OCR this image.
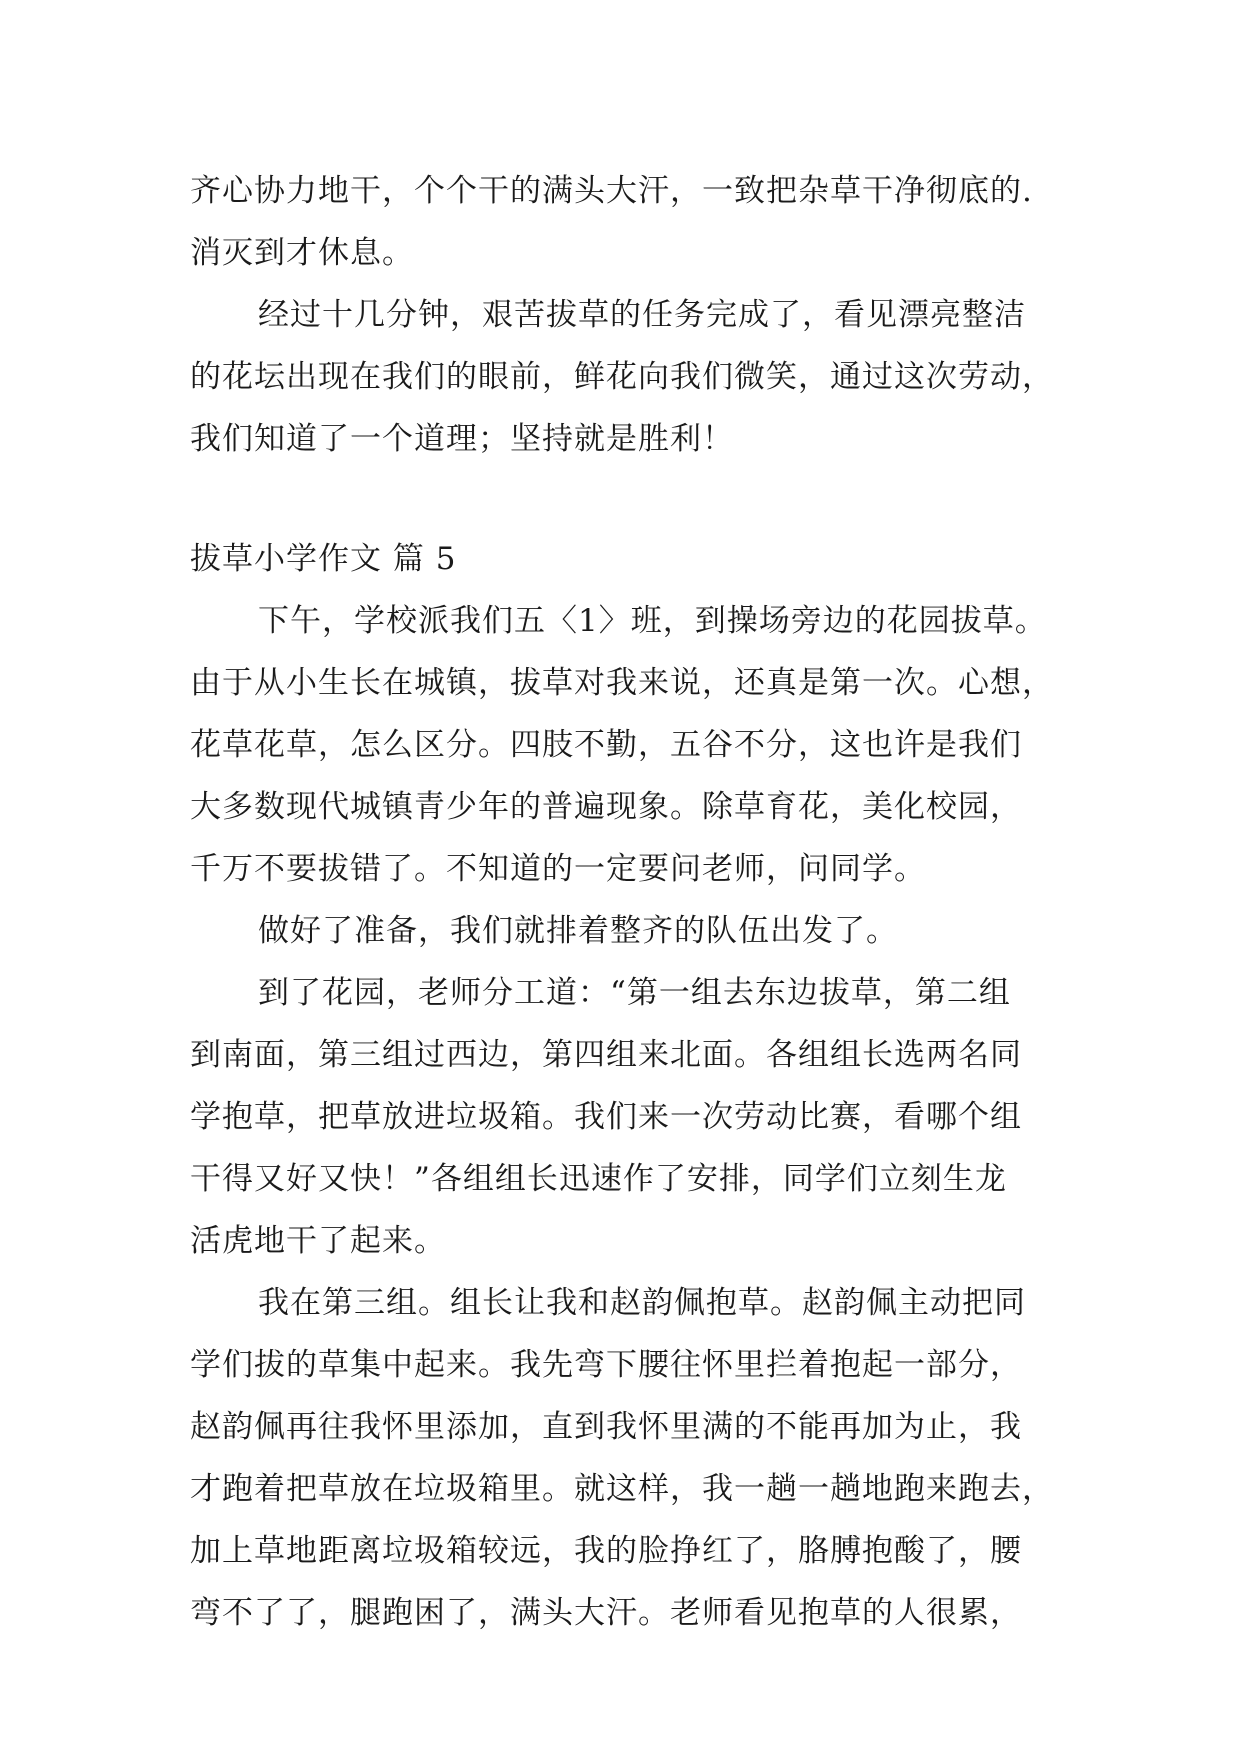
齐心协力地干，个个干的满头大汗，一致把杂草干净彻底的.
消灭到才休息。
经过十几分钟，艰苦拔草的任务完成了，看见漂亮整洁
的花坛出现在我们的眼前，鲜花向我们微笑，通过这次劳动，
我们知道了一个道理；坚持就是胜利！
拔草小学作文 篇 5
下午，学校派我们五〈1〉班，到操场旁边的花园拔草。
由于从小生长在城镇，拔草对我来说，还真是第一次。心想，
花草花草，怎么区分。四肢不勤，五谷不分，这也许是我们
大多数现代城镇青少年的普遍现象。除草育花，美化校园，
千万不要拔错了。不知道的一定要问老师，问同学。
做好了准备，我们就排着整齐的队伍出发了。
到了花园，老师分工道：“第一组去东边拔草，第二组
到南面，第三组过西边，第四组来北面。各组组长选两名同
学抱草，把草放进垃圾箱。我们来一次劳动比赛，看哪个组
干得又好又快！”各组组长迅速作了安排，同学们立刻生龙
活虎地干了起来。
我在第三组。组长让我和赵韵佩抱草。赵韵佩主动把同
学们拔的草集中起来。我先弯下腰往怀里拦着抱起一部分，
赵韵佩再往我怀里添加，直到我怀里满的不能再加为止，我
才跑着把草放在垃圾箱里。就这样，我一趟一趟地跑来跑去，
加上草地距离垃圾箱较远，我的脸挣红了，胳膊抱酸了，腰
弯不了了，腿跑困了，满头大汗。老师看见抱草的人很累，
